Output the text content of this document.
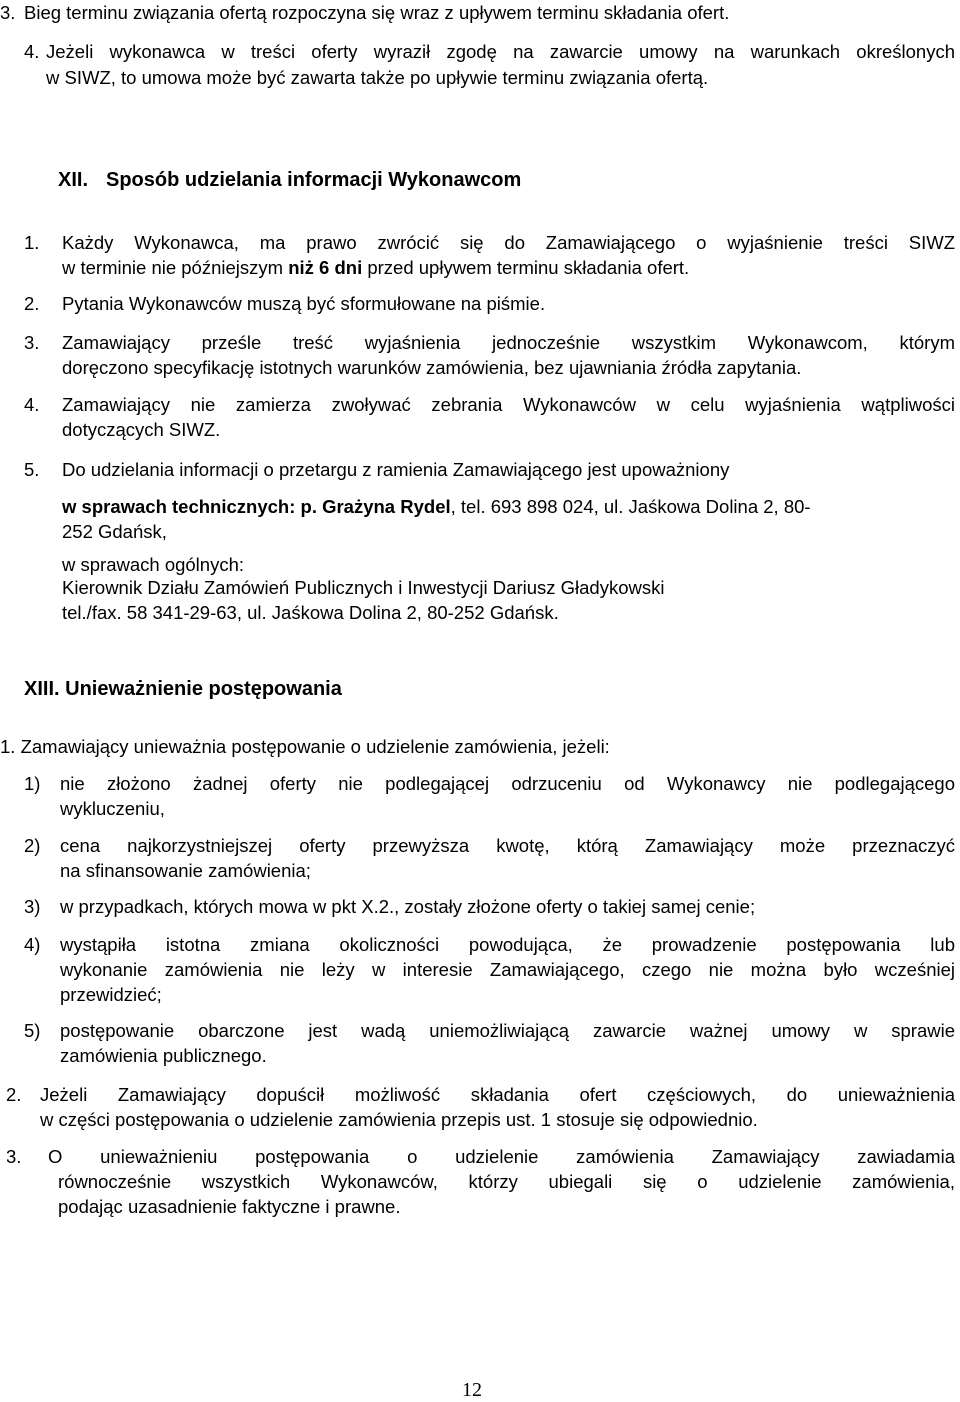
3. Bieg terminu związania ofertą rozpoczyna się wraz z upływem terminu składania ofert.
4. Jeżeli wykonawca w treści oferty wyraził zgodę na zawarcie umowy na warunkach określonych
w SIWZ, to umowa może być zawarta także po upływie terminu związania ofertą.
XII. Sposób udzielania informacji Wykonawcom
1. Każdy Wykonawca, ma prawo zwrócić się do Zamawiającego o wyjaśnienie treści SIWZ
w terminie nie późniejszym niż 6 dni przed upływem terminu składania ofert.
2. Pytania Wykonawców muszą być sformułowane na piśmie.
3. Zamawiający prześle treść wyjaśnienia jednocześnie wszystkim Wykonawcom, którym
doręczono specyfikację istotnych warunków zamówienia, bez ujawniania źródła zapytania.
4. Zamawiający nie zamierza zwoływać zebrania Wykonawców w celu wyjaśnienia wątpliwości
dotyczących SIWZ.
5. Do udzielania informacji o przetargu z ramienia Zamawiającego jest upoważniony
w sprawach technicznych: p. Grażyna Rydel, tel. 693 898 024, ul. Jaśkowa Dolina 2, 80-
252 Gdańsk,
w sprawach ogólnych:
Kierownik Działu Zamówień Publicznych i Inwestycji Dariusz Gładykowski
tel./fax. 58 341-29-63, ul. Jaśkowa Dolina 2, 80-252 Gdańsk.
XIII. Unieważnienie postępowania
1. Zamawiający unieważnia postępowanie o udzielenie zamówienia, jeżeli:
1) nie złożono żadnej oferty nie podlegającej odrzuceniu od Wykonawcy nie podlegającego
wykluczeniu,
2) cena najkorzystniejszej oferty przewyższa kwotę, którą Zamawiający może przeznaczyć
na sfinansowanie zamówienia;
3) w przypadkach, których mowa w pkt X.2., zostały złożone oferty o takiej samej cenie;
4) wystąpiła istotna zmiana okoliczności powodująca, że prowadzenie postępowania lub
wykonanie zamówienia nie leży w interesie Zamawiającego, czego nie można było wcześniej
przewidzieć;
5) postępowanie obarczone jest wadą uniemożliwiającą zawarcie ważnej umowy w sprawie
zamówienia publicznego.
2. Jeżeli Zamawiający dopuścił możliwość składania ofert częściowych, do unieważnienia
w części postępowania o udzielenie zamówienia przepis ust. 1 stosuje się odpowiednio.
3. O unieważnieniu postępowania o udzielenie zamówienia Zamawiający zawiadamia
równocześnie wszystkich Wykonawców, którzy ubiegali się o udzielenie zamówienia,
podając uzasadnienie faktyczne i prawne.
12
